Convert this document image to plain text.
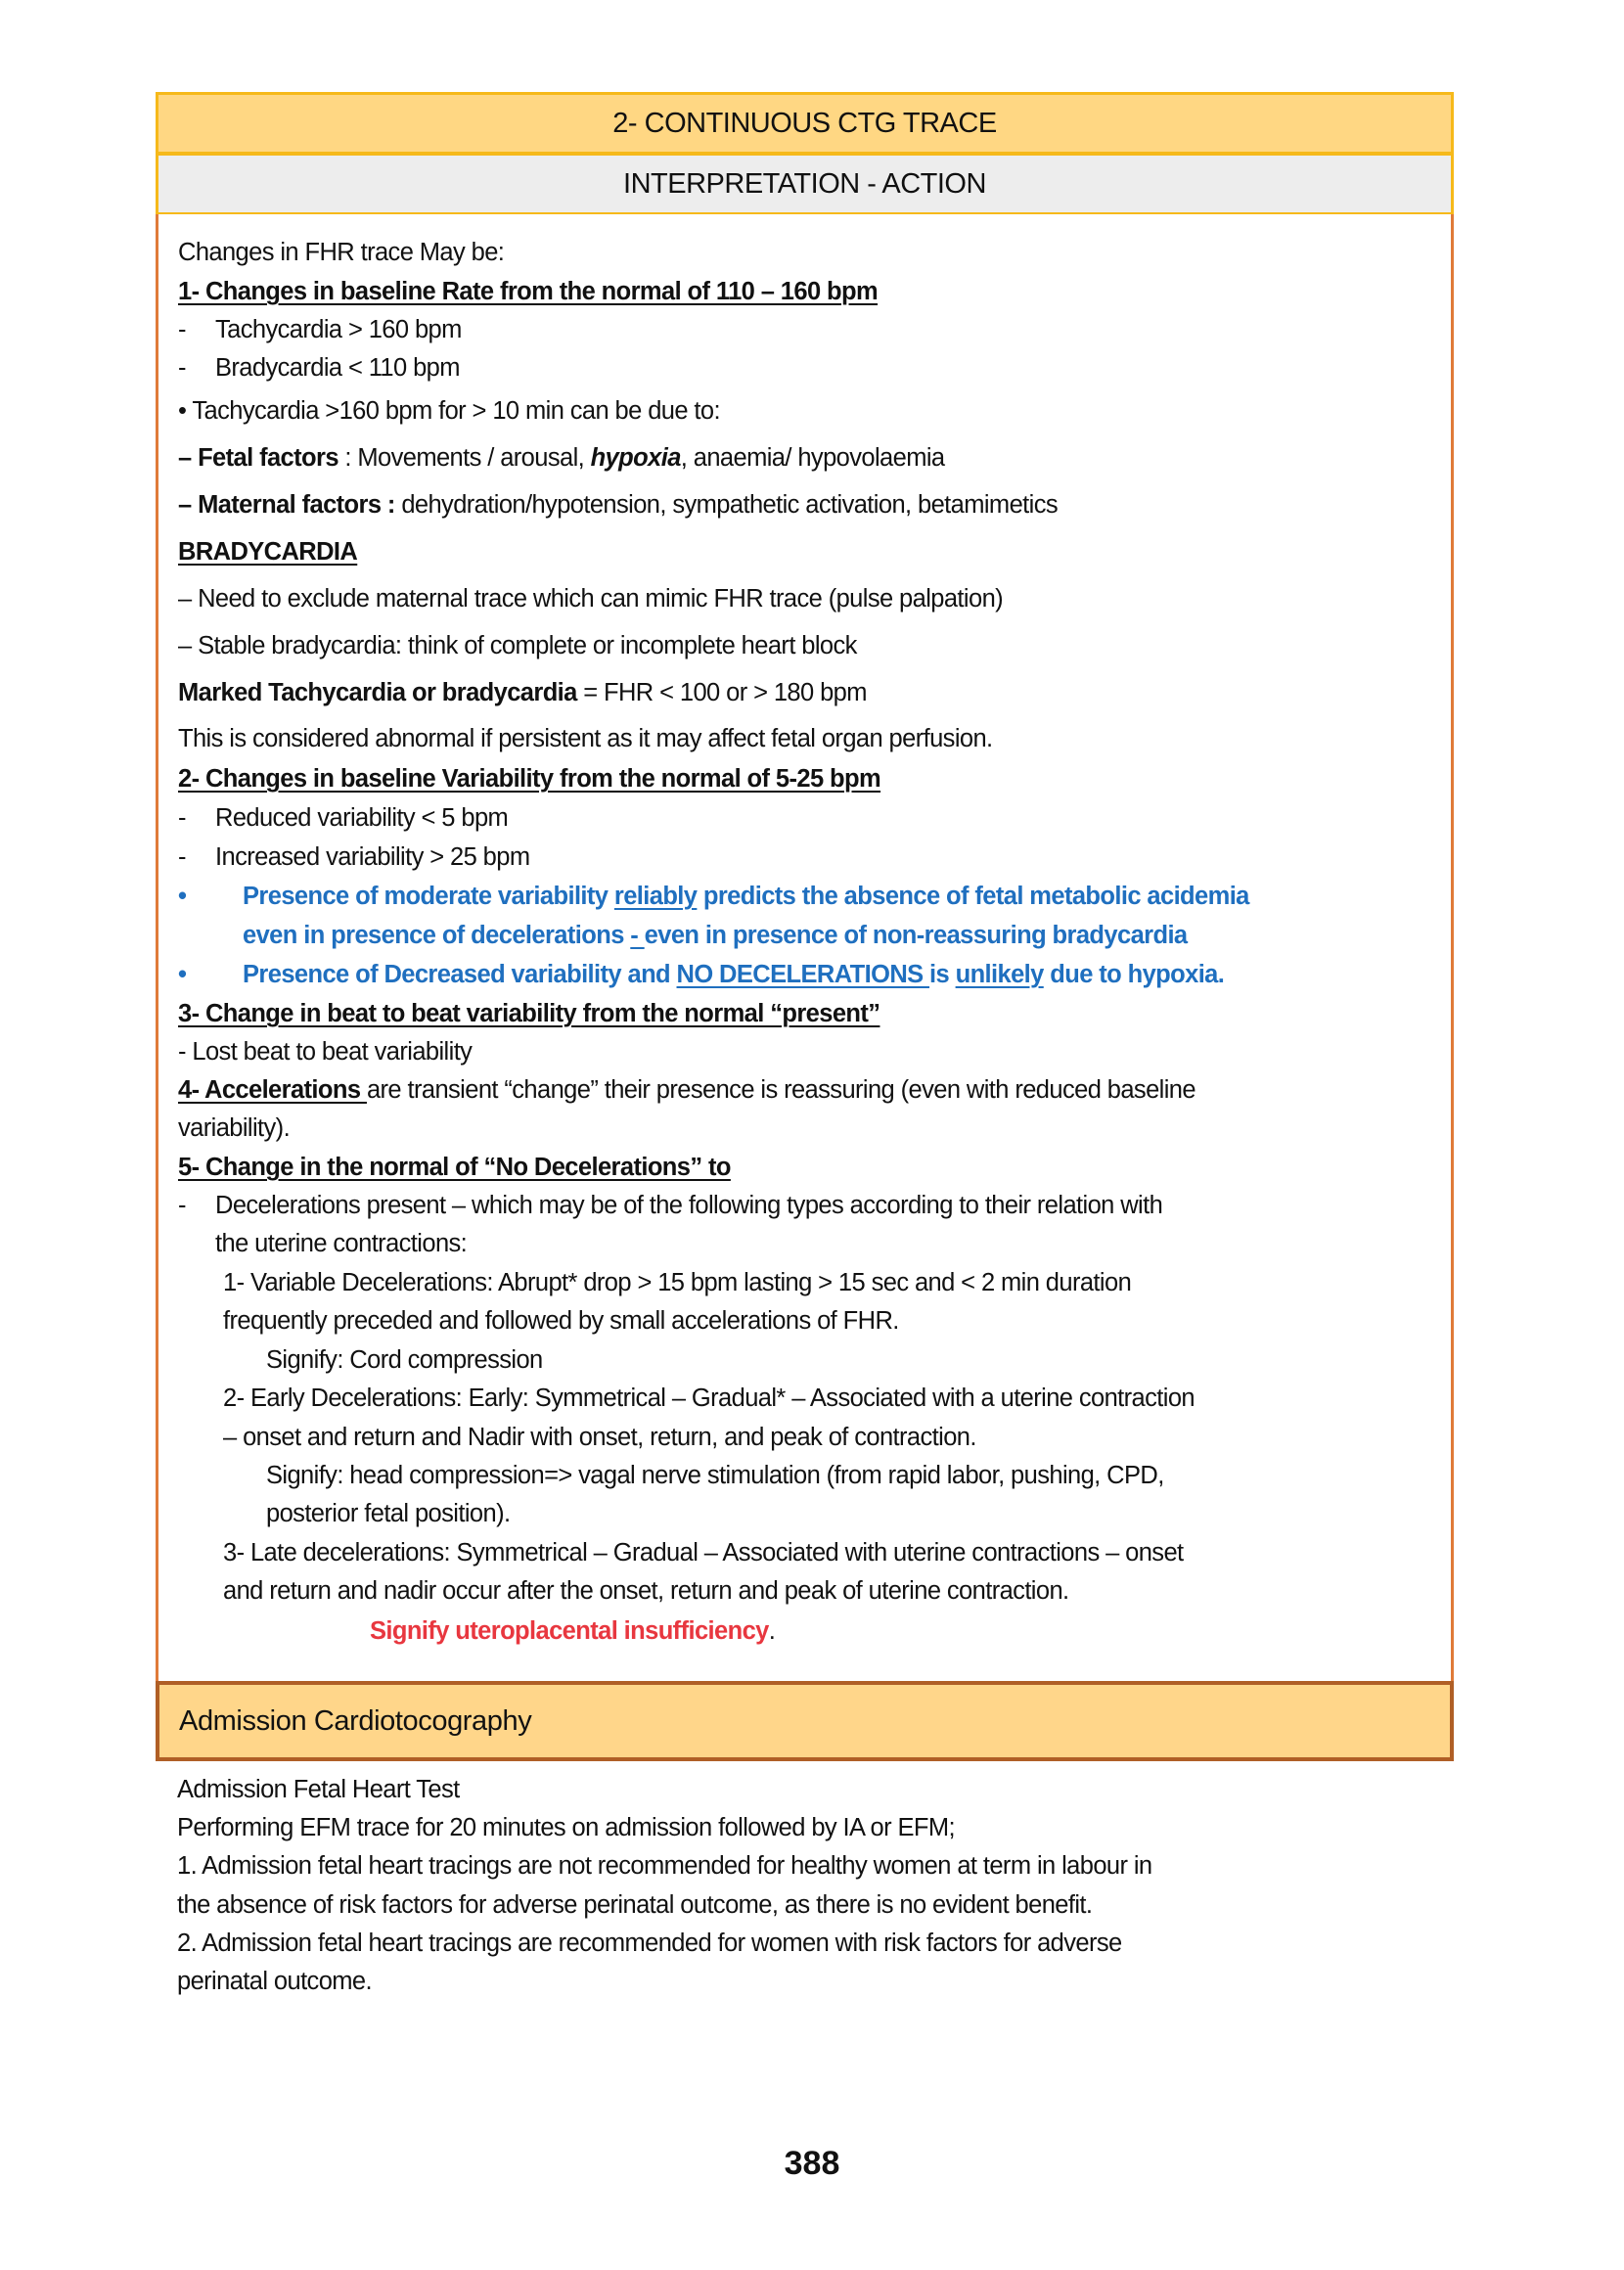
2- CONTINUOUS CTG TRACE
INTERPRETATION - ACTION
Changes in FHR trace May be:
1- Changes in baseline Rate from the normal of 110 – 160 bpm
- Tachycardia > 160 bpm
- Bradycardia < 110 bpm
• Tachycardia >160 bpm for > 10 min can be due to:
– Fetal factors : Movements / arousal, hypoxia, anaemia/ hypovolaemia
– Maternal factors : dehydration/hypotension, sympathetic activation, betamimetics
BRADYCARDIA
– Need to exclude maternal trace which can mimic FHR trace (pulse palpation)
– Stable bradycardia: think of complete or incomplete heart block
Marked Tachycardia or bradycardia = FHR < 100 or > 180 bpm
This is considered abnormal if persistent as it may affect fetal organ perfusion.
2- Changes in baseline Variability from the normal of 5-25 bpm
- Reduced variability < 5 bpm
- Increased variability > 25 bpm
• Presence of moderate variability reliably predicts the absence of fetal metabolic acidemia
even in presence of decelerations - even in presence of non-reassuring bradycardia
• Presence of Decreased variability and NO DECELERATIONS is unlikely due to hypoxia.
3- Change in beat to beat variability from the normal “present”
- Lost beat to beat variability
4- Accelerations are transient “change” their presence is reassuring (even with reduced baseline
variability).
5- Change in the normal of “No Decelerations” to
- Decelerations present – which may be of the following types according to their relation with
the uterine contractions:
1- Variable Decelerations: Abrupt* drop > 15 bpm lasting > 15 sec and < 2 min duration
frequently preceded and followed by small accelerations of FHR.
Signify: Cord compression
2- Early Decelerations: Early: Symmetrical – Gradual* – Associated with a uterine contraction
– onset and return and Nadir with onset, return, and peak of contraction.
Signify: head compression=> vagal nerve stimulation (from rapid labor, pushing, CPD,
posterior fetal position).
3- Late decelerations: Symmetrical – Gradual – Associated with uterine contractions – onset
and return and nadir occur after the onset, return and peak of uterine contraction.
Signify uteroplacental insufficiency.
Admission Cardiotocography
Admission Fetal Heart Test
Performing EFM trace for 20 minutes on admission followed by IA or EFM;
1. Admission fetal heart tracings are not recommended for healthy women at term in labour in
the absence of risk factors for adverse perinatal outcome, as there is no evident benefit.
2. Admission fetal heart tracings are recommended for women with risk factors for adverse
perinatal outcome.
388
